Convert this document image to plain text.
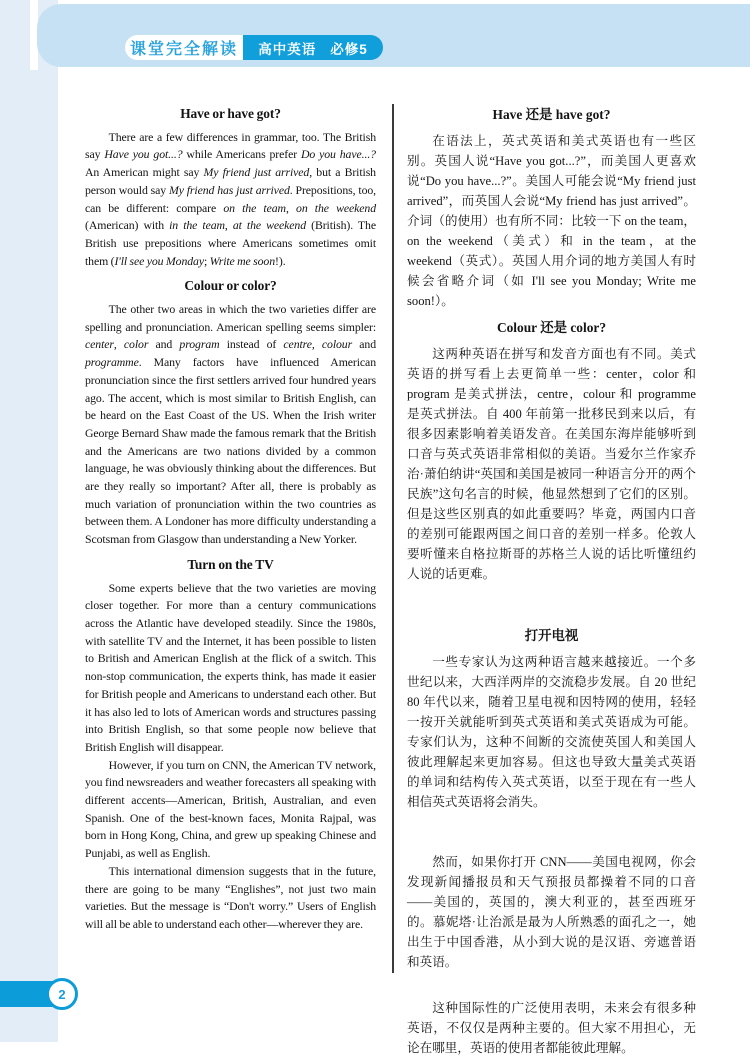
课堂完全解读 高中英语 必修5
Have or have got?

There are a few differences in grammar, too. The British say Have you got...? while Americans prefer Do you have...? An American might say My friend just arrived, but a British person would say My friend has just arrived. Prepositions, too, can be different: compare on the team, on the weekend (American) with in the team, at the weekend (British). The British use prepositions where Americans sometimes omit them (I'll see you Monday; Write me soon!).

Colour or color?

The other two areas in which the two varieties differ are spelling and pronunciation. American spelling seems simpler: center, color and program instead of centre, colour and programme. Many factors have influenced American pronunciation since the first settlers arrived four hundred years ago. The accent, which is most similar to British English, can be heard on the East Coast of the US. When the Irish writer George Bernard Shaw made the famous remark that the British and the Americans are two nations divided by a common language, he was obviously thinking about the differences. But are they really so important? After all, there is probably as much variation of pronunciation within the two countries as between them. A Londoner has more difficulty understanding a Scotsman from Glasgow than understanding a New Yorker.

Turn on the TV

Some experts believe that the two varieties are moving closer together. For more than a century communications across the Atlantic have developed steadily. Since the 1980s, with satellite TV and the Internet, it has been possible to listen to British and American English at the flick of a switch. This non-stop communication, the experts think, has made it easier for British people and Americans to understand each other. But it has also led to lots of American words and structures passing into British English, so that some people now believe that British English will disappear.

However, if you turn on CNN, the American TV network, you find newsreaders and weather forecasters all speaking with different accents—American, British, Australian, and even Spanish. One of the best-known faces, Monita Rajpal, was born in Hong Kong, China, and grew up speaking Chinese and Punjabi, as well as English.

This international dimension suggests that in the future, there are going to be many “Englishes”, not just two main varieties. But the message is “Don't worry.” Users of English will all be able to understand each other—wherever they are.

Have 还是 have got?

在语法上，英式英语和美式英语也有一些区别。英国人说“Have you got...?”，而美国人更喜欢说“Do you have...?”。美国人可能会说“My friend just arrived”，而英国人会说“My friend has just arrived”。介词（的使用）也有所不同：比较一下 on the team，on the weekend（美式）和 in the team，at the weekend（英式）。英国人用介词的地方美国人有时候会省略介词（如 I'll see you Monday; Write me soon!）。

Colour 还是 color?

这两种英语在拼写和发音方面也有不同。美式英语的拼写看上去更简单一些：center，color 和 program 是美式拼法，centre，colour 和 programme 是英式拼法。自 400 年前第一批移民到来以后，有很多因素影响着美语发音。在美国东海岸能够听到口音与英式英语非常相似的美语。当爱尔兰作家乔治·萧伯纳讲“英国和美国是被同一种语言分开的两个民族”这句名言的时候，他显然想到了它们的区别。但是这些区别真的如此重要吗？毕竟，两国内口音的差别可能跟两国之间口音的差别一样多。伦敦人要听懂来自格拉斯哥的苏格兰人说的话比听懂纽约人说的话更难。

打开电视

一些专家认为这两种语言越来越接近。一个多世纪以来，大西洋两岸的交流稳步发展。自 20 世纪 80 年代以来，随着卫星电视和因特网的使用，轻轻一按开关就能听到英式英语和美式英语成为可能。专家们认为，这种不间断的交流使英国人和美国人彼此理解起来更加容易。但这也导致大量美式英语的单词和结构传入英式英语，以至于现在有一些人相信英式英语将会消失。

然而，如果你打开 CNN——美国电视网，你会发现新闻播报员和天气预报员都操着不同的口音——美国的，英国的，澳大利亚的，甚至西班牙的。慕妮塔·让治派是最为人所熟悉的面孔之一，她出生于中国香港，从小到大说的是汉语、旁遮普语和英语。

这种国际性的广泛使用表明，未来会有很多种英语，不仅仅是两种主要的。但大家不用担心，无论在哪里，英语的使用者都能彼此理解。

2
